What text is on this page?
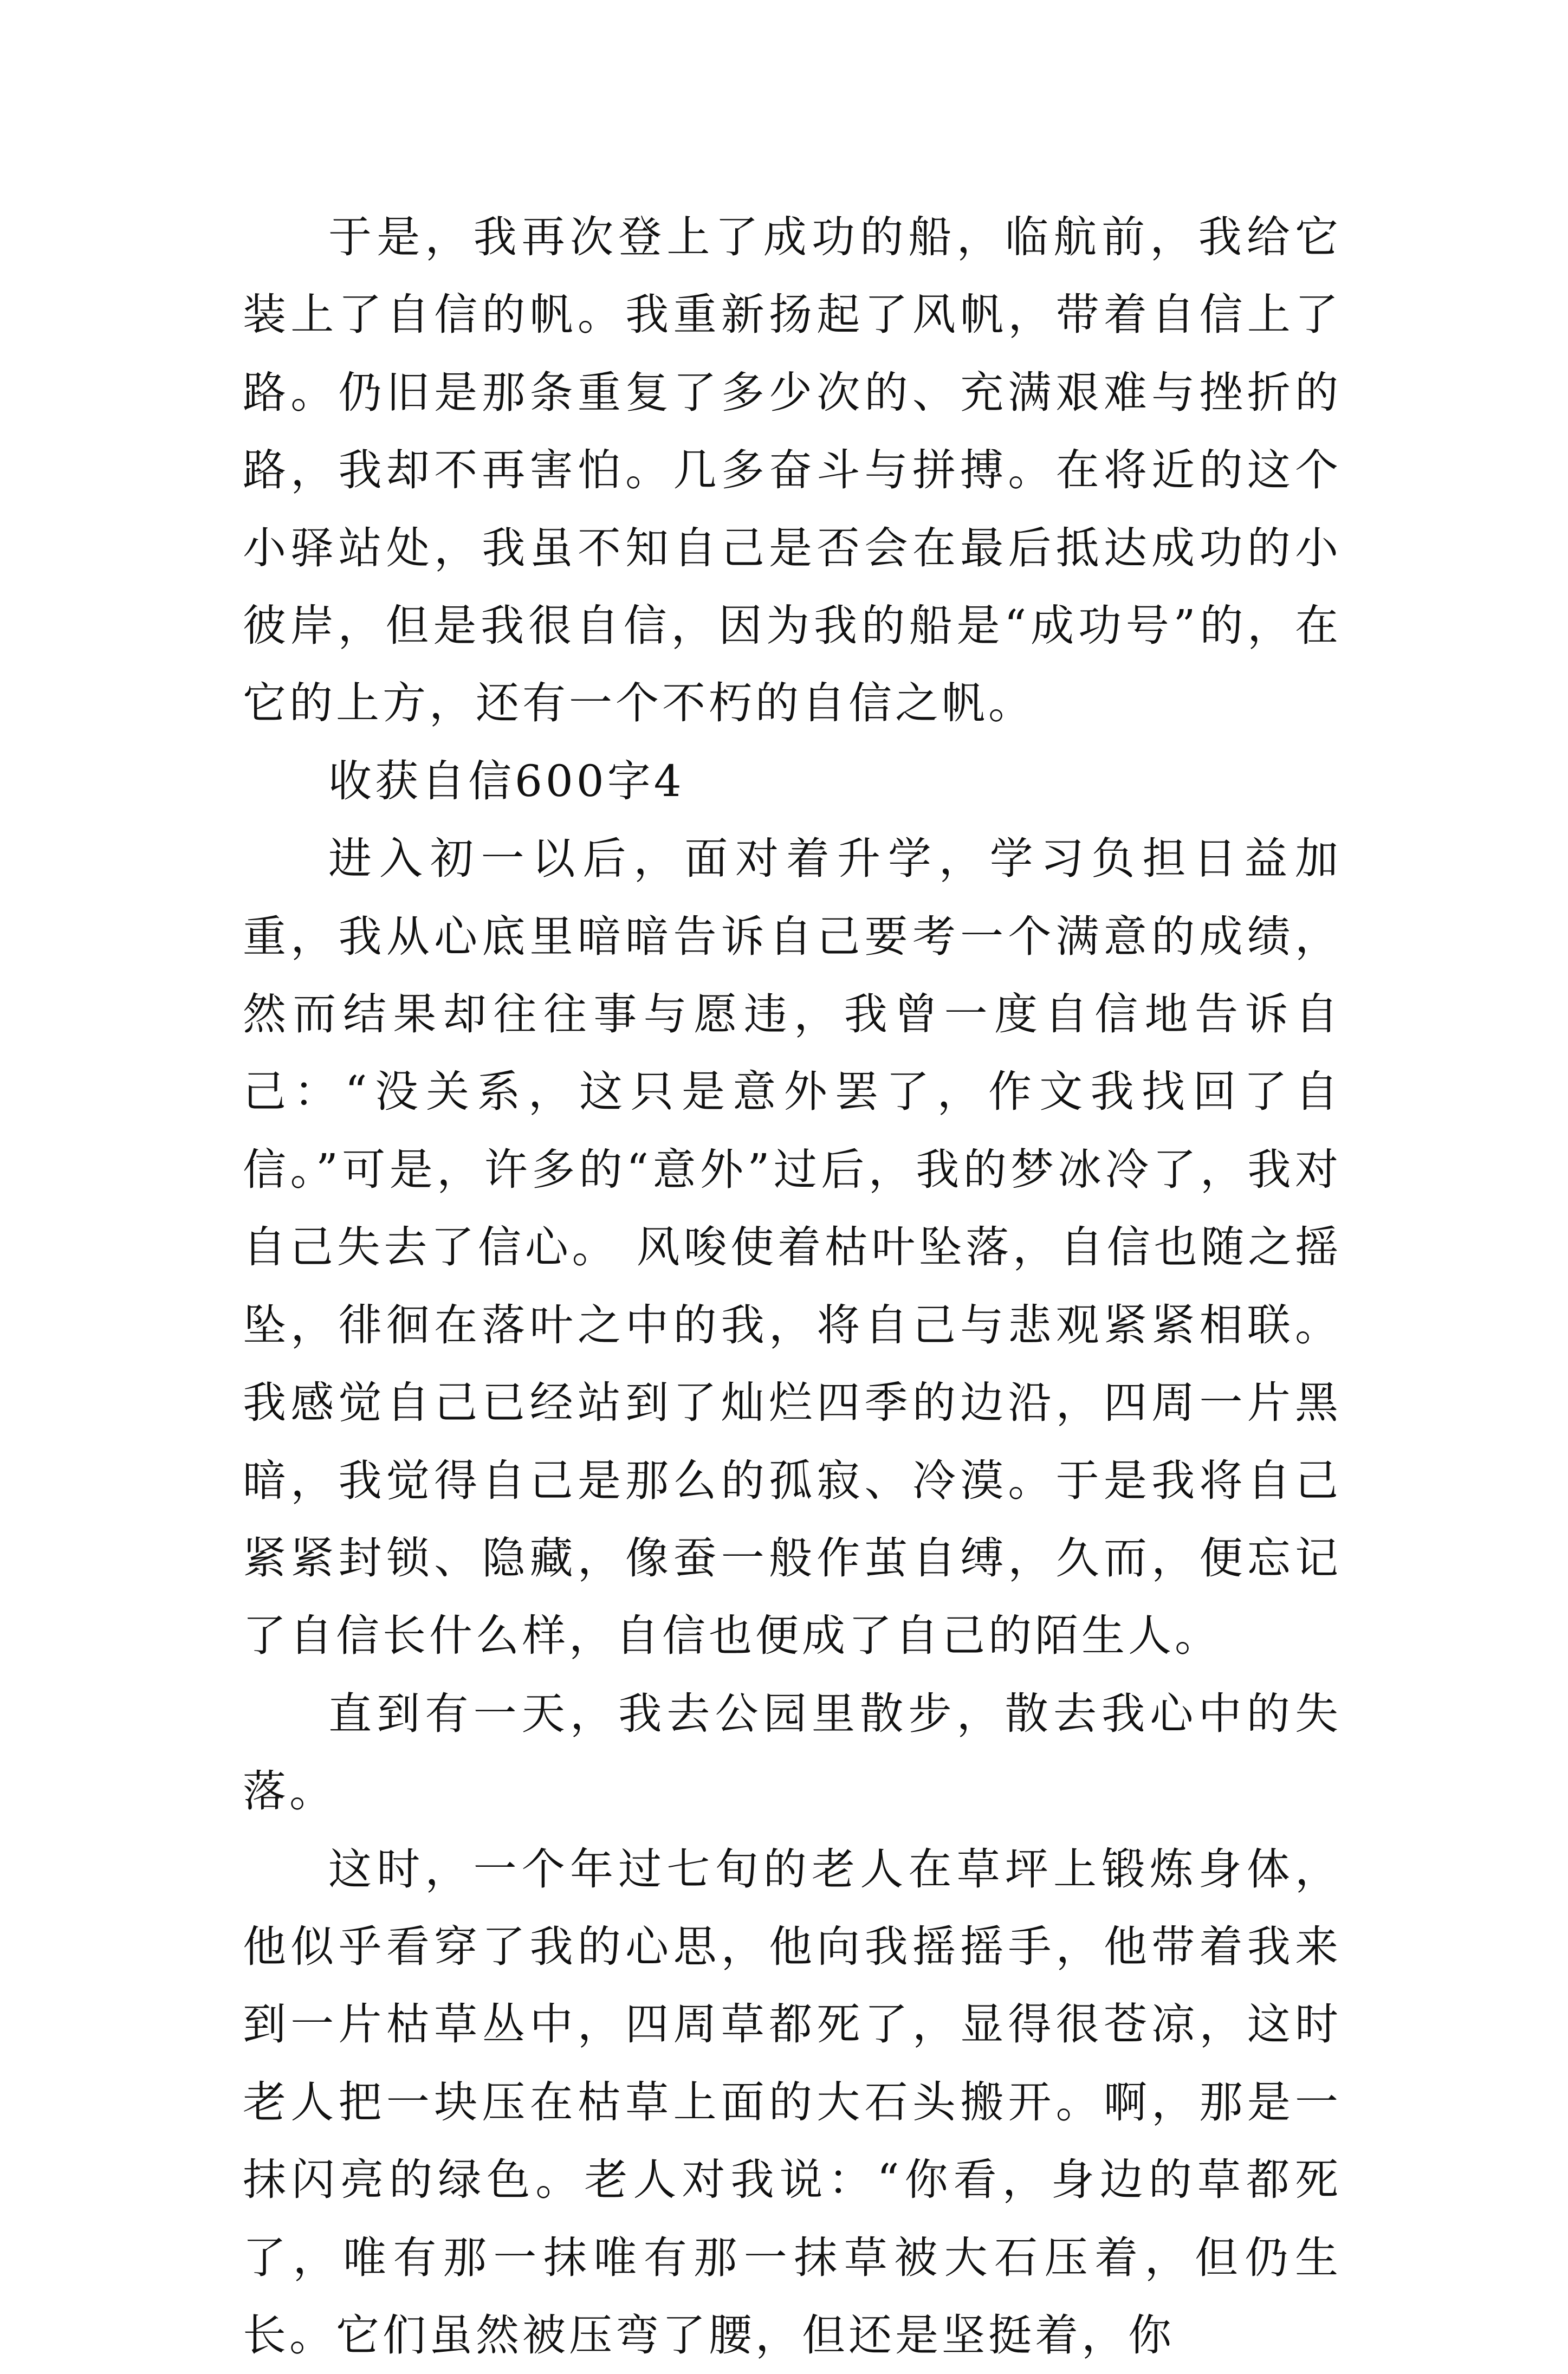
于是，我再次登上了成功的船，临航前，我给它装上了自信的帆。我重新扬起了风帆，带着自信上了路。仍旧是那条重复了多少次的、充满艰难与挫折的路，我却不再害怕。几多奋斗与拼搏。在将近的这个小驿站处，我虽不知自己是否会在最后抵达成功的小彼岸，但是我很自信，因为我的船是“成功号”的，在它的上方，还有一个不朽的自信之帆。

收获自信600字4

进入初一以后，面对着升学，学习负担日益加重，我从心底里暗暗告诉自己要考一个满意的成绩，然而结果却往往事与愿违，我曾一度自信地告诉自己：“没关系，这只是意外罢了，作文我找回了自信。”可是，许多的“意外”过后，我的梦冰冷了，我对自己失去了信心。 风唆使着枯叶坠落，自信也随之摇坠，徘徊在落叶之中的我，将自己与悲观紧紧相联。我感觉自己已经站到了灿烂四季的边沿，四周一片黑暗，我觉得自己是那么的孤寂、冷漠。于是我将自己紧紧封锁、隐藏，像蚕一般作茧自缚，久而，便忘记了自信长什么样，自信也便成了自己的陌生人。

直到有一天，我去公园里散步，散去我心中的失落。

这时，一个年过七旬的老人在草坪上锻炼身体，他似乎看穿了我的心思，他向我摇摇手，他带着我来到一片枯草丛中，四周草都死了，显得很苍凉，这时老人把一块压在枯草上面的大石头搬开。啊，那是一抹闪亮的绿色。老人对我说：“你看，身边的草都死了，唯有那一抹唯有那一抹草被大石压着，但仍生长。它们虽然被压弯了腰，但还是坚挺着，你
